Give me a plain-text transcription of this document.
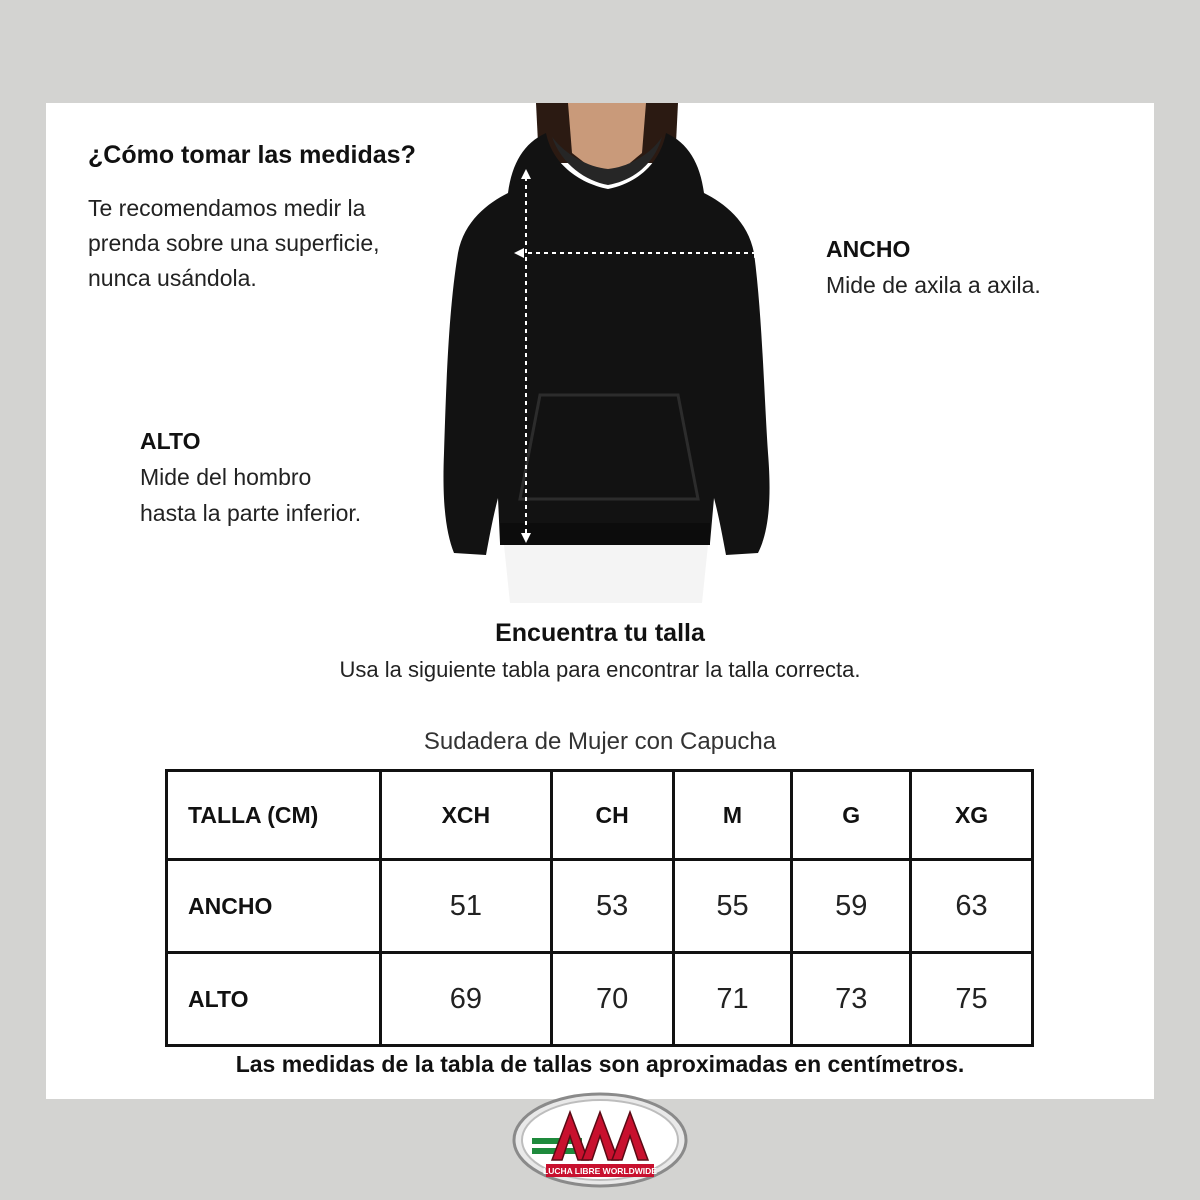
¿Cómo tomar las medidas?
Te recomendamos medir la
prenda sobre una superficie,
nunca usándola.
ANCHO
Mide de axila a axila.
ALTO
Mide del hombro
hasta la parte inferior.
Encuentra tu talla
Usa la siguiente tabla para encontrar la talla correcta.
Sudadera de Mujer con Capucha
TALLA (CM)	XCH	CH	M	G	XG
ANCHO	51	53	55	59	63
ALTO	69	70	71	73	75
Las medidas de la tabla de tallas son aproximadas en centímetros.
LUCHA LIBRE WORLDWIDE
